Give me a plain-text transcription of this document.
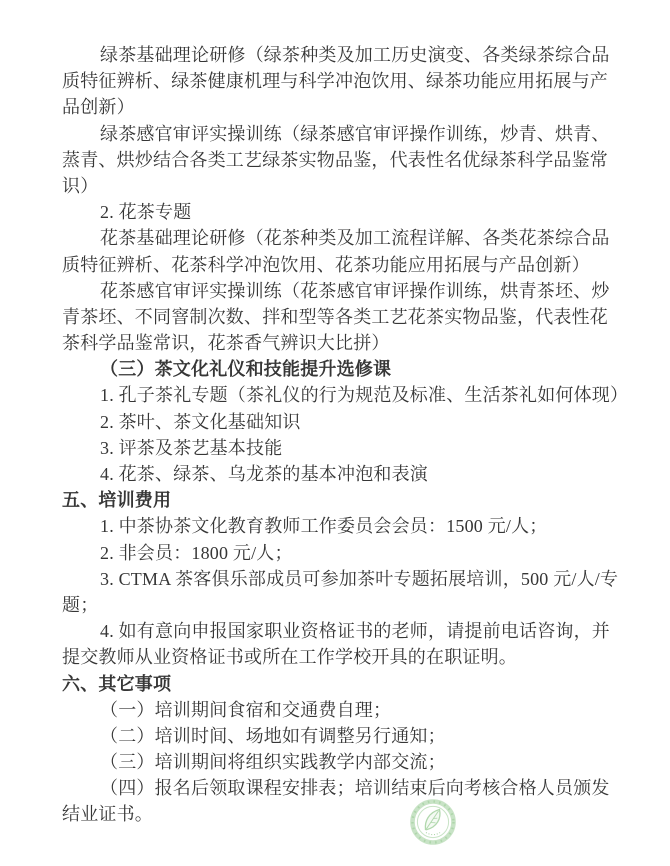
绿茶基础理论研修（绿茶种类及加工历史演变、各类绿茶综合品
质特征辨析、绿茶健康机理与科学冲泡饮用、绿茶功能应用拓展与产
品创新）
绿茶感官审评实操训练（绿茶感官审评操作训练，炒青、烘青、
蒸青、烘炒结合各类工艺绿茶实物品鉴，代表性名优绿茶科学品鉴常
识）
2. 花茶专题
花茶基础理论研修（花茶种类及加工流程详解、各类花茶综合品
质特征辨析、花茶科学冲泡饮用、花茶功能应用拓展与产品创新）
花茶感官审评实操训练（花茶感官审评操作训练，烘青茶坯、炒
青茶坯、不同窨制次数、拌和型等各类工艺花茶实物品鉴，代表性花
茶科学品鉴常识，花茶香气辨识大比拼）
（三）茶文化礼仪和技能提升选修课
1. 孔子茶礼专题（茶礼仪的行为规范及标准、生活茶礼如何体现）
2. 茶叶、茶文化基础知识
3. 评茶及茶艺基本技能
4. 花茶、绿茶、乌龙茶的基本冲泡和表演
五、培训费用
1. 中茶协茶文化教育教师工作委员会会员：1500 元/人；
2. 非会员：1800 元/人；
3. CTMA 茶客俱乐部成员可参加茶叶专题拓展培训，500 元/人/专
题；
4. 如有意向申报国家职业资格证书的老师，请提前电话咨询，并
提交教师从业资格证书或所在工作学校开具的在职证明。
六、其它事项
（一）培训期间食宿和交通费自理；
（二）培训时间、场地如有调整另行通知；
（三）培训期间将组织实践教学内部交流；
（四）报名后领取课程安排表；培训结束后向考核合格人员颁发
结业证书。
